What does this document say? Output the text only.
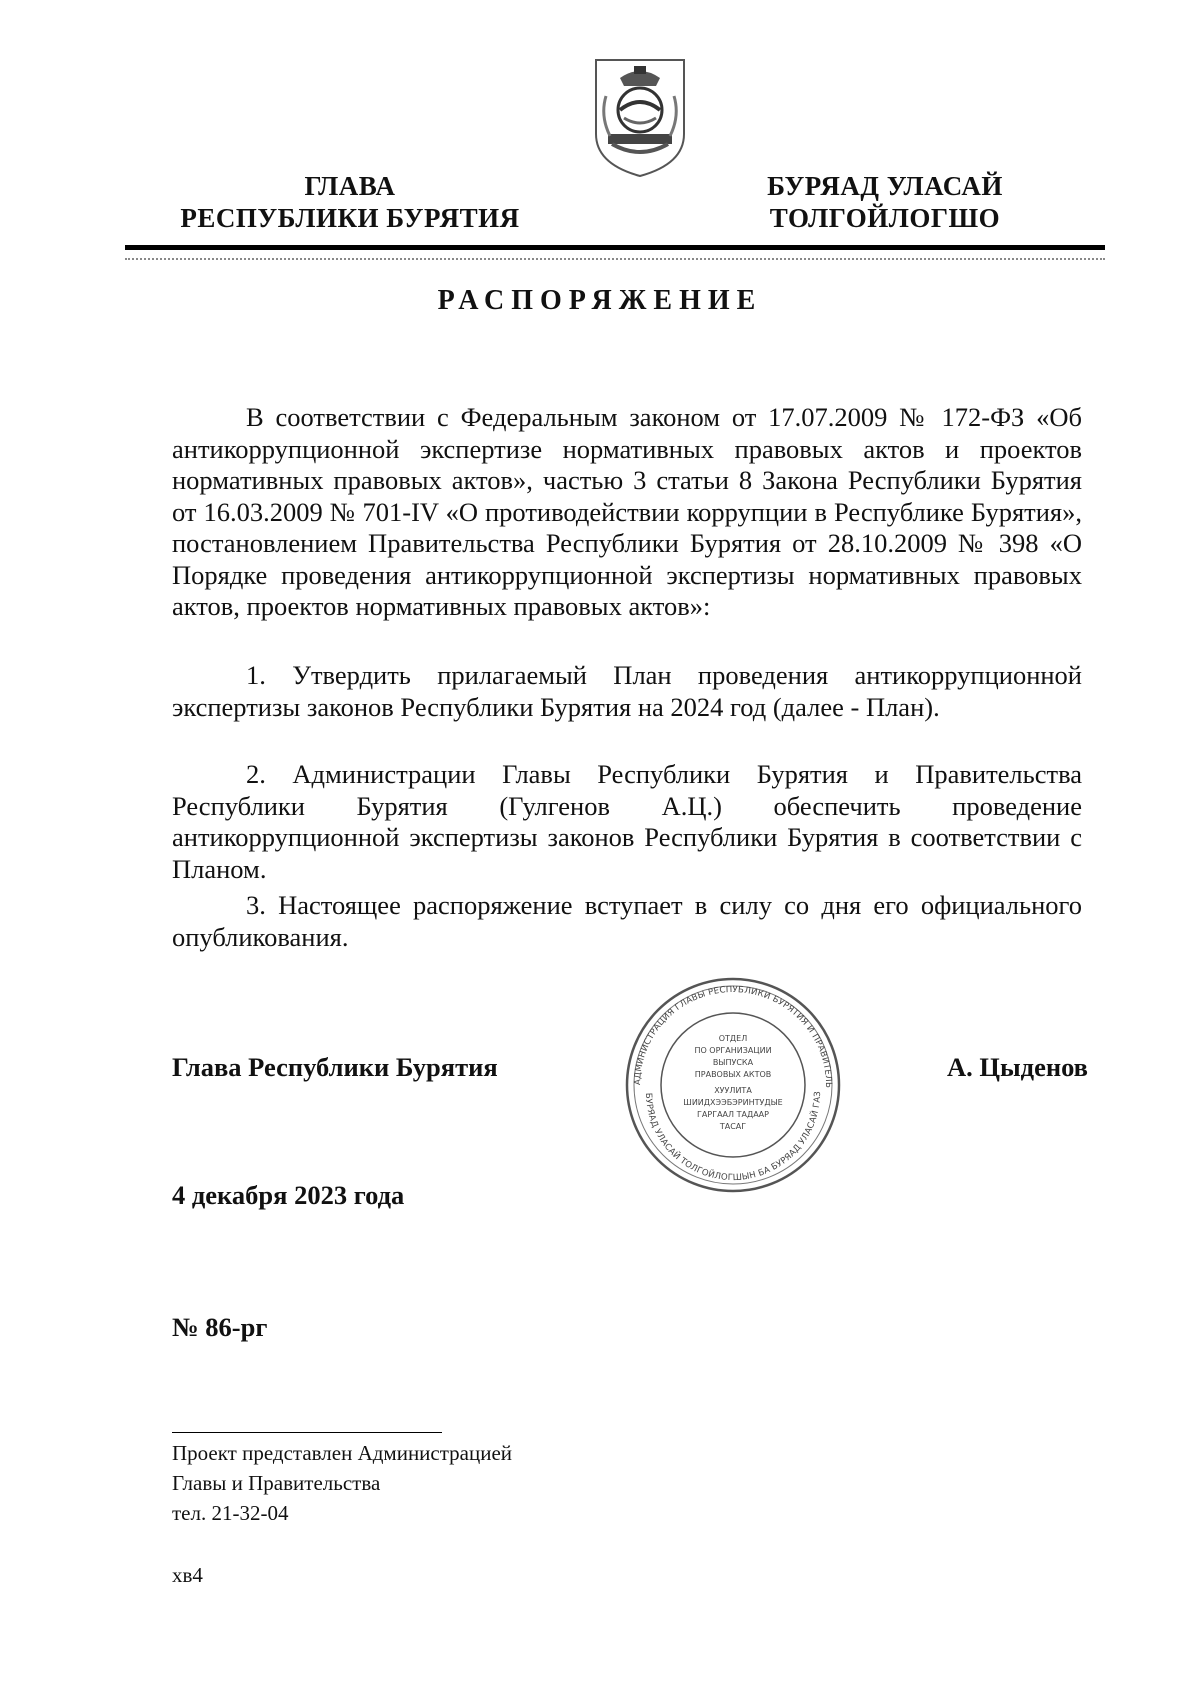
ГЛАВА
РЕСПУБЛИКИ БУРЯТИЯ
БУРЯАД УЛАСАЙ
ТОЛГОЙЛОГШО
РАСПОРЯЖЕНИЕ
В соответствии с Федеральным законом от 17.07.2009 № 172-ФЗ «Об антикоррупционной экспертизе нормативных правовых актов и проектов нормативных правовых актов», частью 3 статьи 8 Закона Республики Бурятия от 16.03.2009 № 701-IV «О противодействии коррупции в Республике Бурятия», постановлением Правительства Республики Бурятия от 28.10.2009 № 398 «О Порядке проведения антикоррупционной экспертизы нормативных правовых актов, проектов нормативных правовых актов»:
1. Утвердить прилагаемый План проведения антикоррупционной экспертизы законов Республики Бурятия на 2024 год (далее - План).
2. Администрации Главы Республики Бурятия и Правительства Республики Бурятия (Гулгенов А.Ц.) обеспечить проведение антикоррупционной экспертизы законов Республики Бурятия в соответствии с Планом.
3. Настоящее распоряжение вступает в силу со дня его официального опубликования.
Глава Республики Бурятия	А. Цыденов
АДМИНИСТРАЦИЯ ГЛАВЫ РЕСПУБЛИКИ БУРЯТИЯ И ПРАВИТЕЛЬ
БУРЯАД УЛАСАЙ ТОЛГОЙЛОГШЫН БА БУРЯАД УЛАСАЙ ГАЗ
ОТДЕЛ
ПО ОРГАНИЗАЦИИ
ВЫПУСКА
ПРАВОВЫХ АКТОВ
ХУУЛИТА
ШИИДХЭЭБЭРИНТУДЫЕ
ГАРГААЛ ТАДААР
ТАСАГ
4 декабря 2023 года
№ 86-рг
Проект представлен Администрацией
Главы и Правительства
тел. 21-32-04
хв4
